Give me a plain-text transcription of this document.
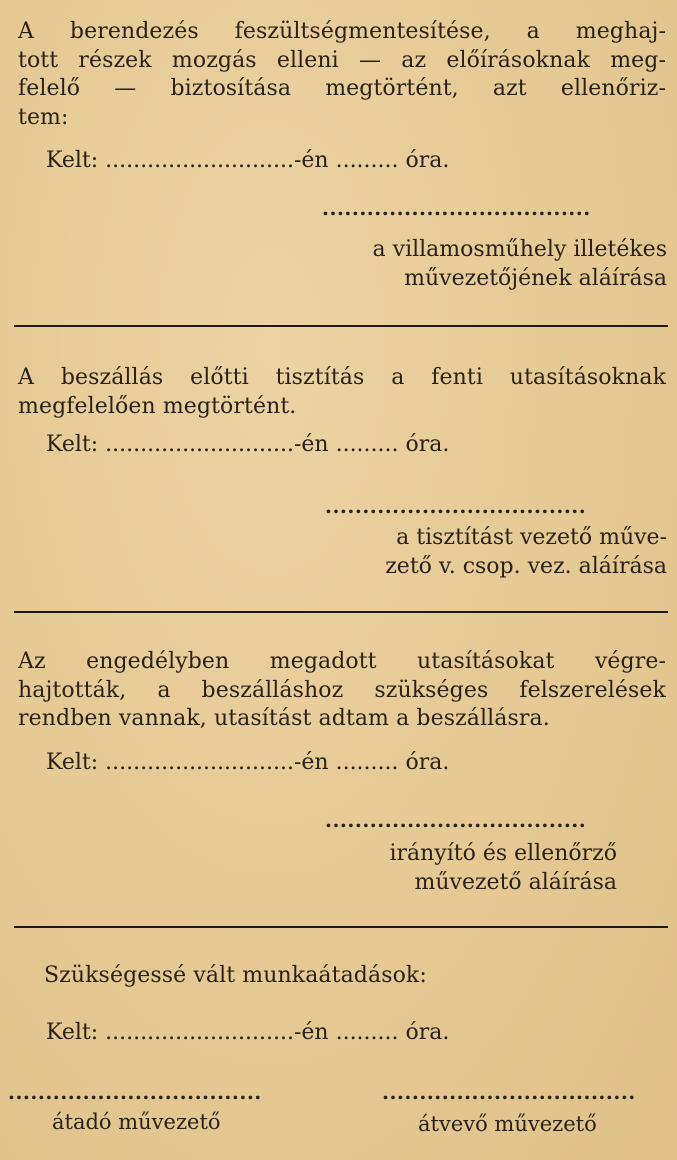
A berendezés feszültségmentesítése, a meghaj-
tott részek mozgás elleni — az előírásoknak meg-
felelő — biztosítása megtörtént, azt ellenőriz-
tem:
Kelt: ...........................-én ......... óra.
....................................
a villamosműhely illetékes
művezetőjének aláírása
A beszállás előtti tisztítás a fenti utasításoknak
megfelelően megtörtént.
Kelt: ...........................-én ......... óra.
...................................
a tisztítást vezető műve-
zető v. csop. vez. aláírása
Az engedélyben megadott utasításokat végre-
hajtották, a beszálláshoz szükséges felszerelések
rendben vannak, utasítást adtam a beszállásra.
Kelt: ...........................-én ......... óra.
...................................
irányító és ellenőrző
művezető aláírása
Szükségessé vált munkaátadások:
Kelt: ...........................-én ......... óra.
..................................
átadó művezető
..................................
átvevő művezető
